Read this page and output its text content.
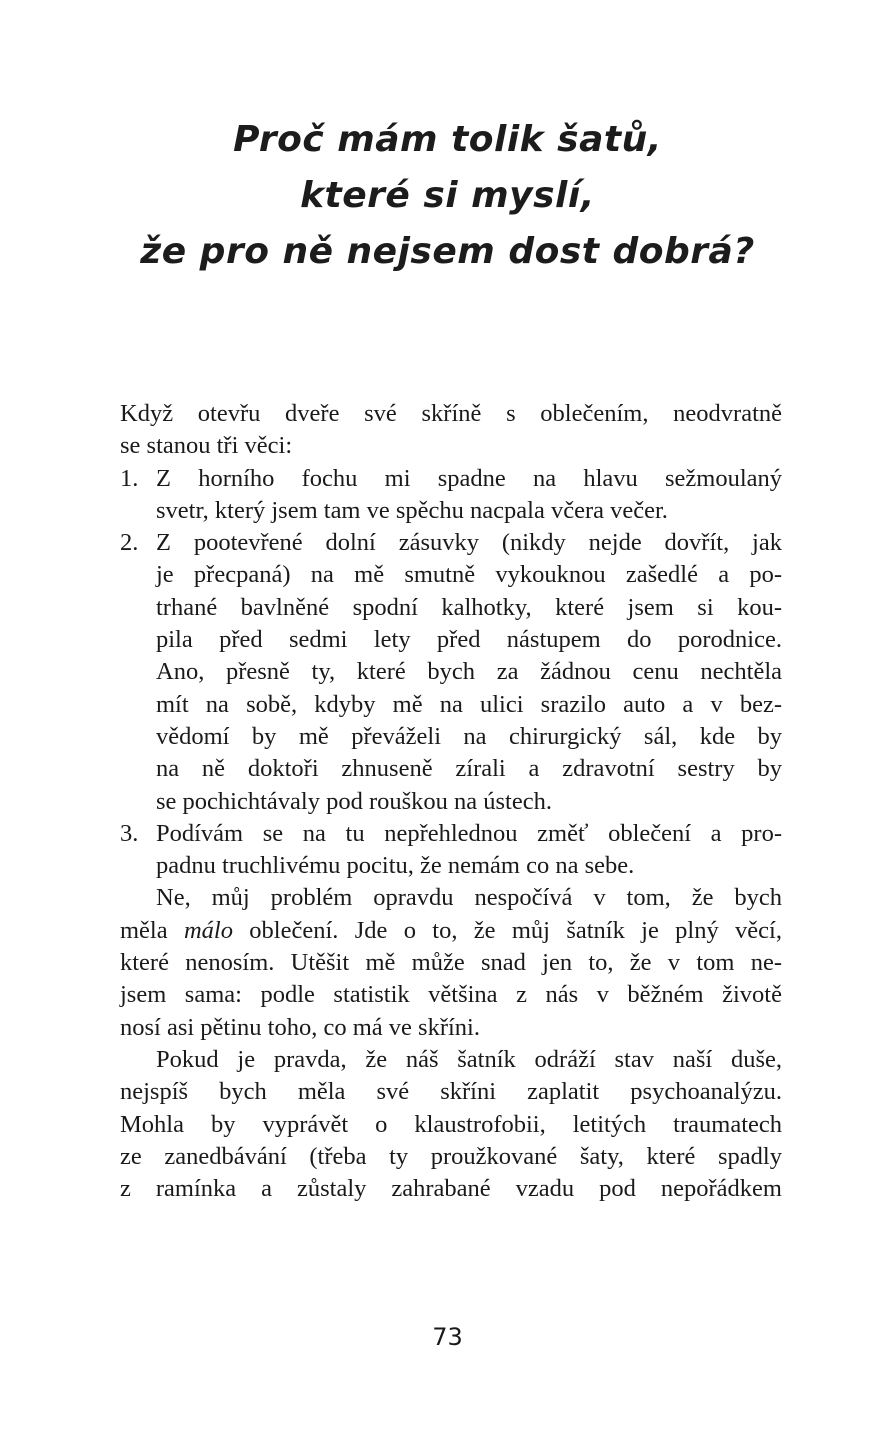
Proč mám tolik šatů,
které si myslí,
že pro ně nejsem dost dobrá?
Když otevřu dveře své skříně s oblečením, neodvratně
se stanou tři věci:
1. Z horního fochu mi spadne na hlavu sežmoulaný
svetr, který jsem tam ve spěchu nacpala včera večer.
2. Z pootevřené dolní zásuvky (nikdy nejde dovřít, jak
je přecpaná) na mě smutně vykouknou zašedlé a po-
trhané bavlněné spodní kalhotky, které jsem si kou-
pila před sedmi lety před nástupem do porodnice.
Ano, přesně ty, které bych za žádnou cenu nechtěla
mít na sobě, kdyby mě na ulici srazilo auto a v bez-
vědomí by mě převáželi na chirurgický sál, kde by
na ně doktoři zhnuseně zírali a zdravotní sestry by
se pochichtávaly pod rouškou na ústech.
3. Podívám se na tu nepřehlednou změť oblečení a pro-
padnu truchlivému pocitu, že nemám co na sebe.
Ne, můj problém opravdu nespočívá v tom, že bych
měla málo oblečení. Jde o to, že můj šatník je plný věcí,
které nenosím. Utěšit mě může snad jen to, že v tom ne-
jsem sama: podle statistik většina z nás v běžném životě
nosí asi pětinu toho, co má ve skříni.
Pokud je pravda, že náš šatník odráží stav naší duše,
nejspíš bych měla své skříni zaplatit psychoanalýzu.
Mohla by vyprávět o klaustrofobii, letitých traumatech
ze zanedbávání (třeba ty proužkované šaty, které spadly
z ramínka a zůstaly zahrabané vzadu pod nepořádkem
73
